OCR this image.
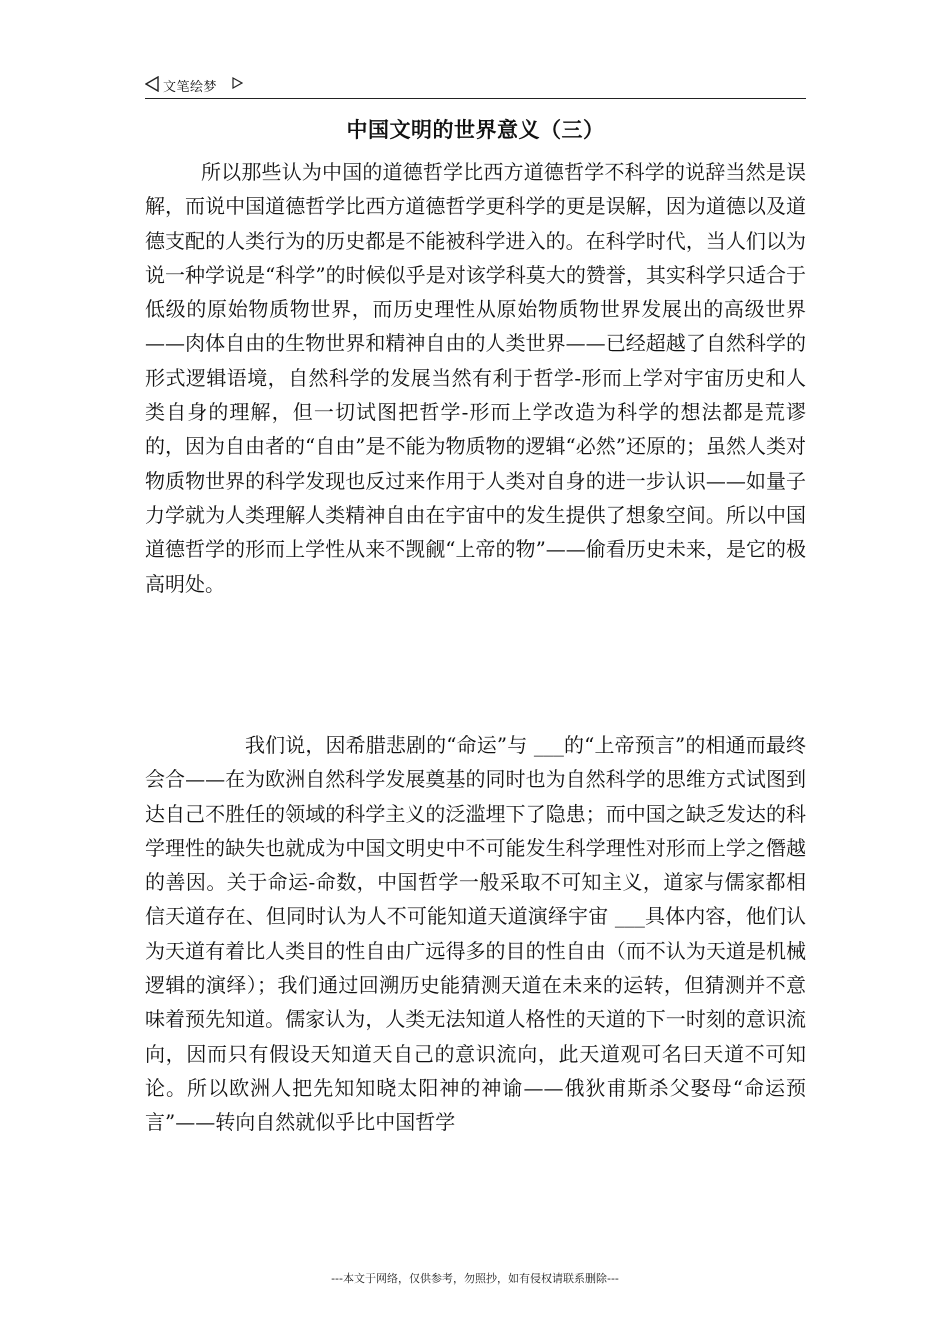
文笔绘梦
中国文明的世界意义（三）

所以那些认为中国的道德哲学比西方道德哲学不科学的说辞当然是误解，而说中国道德哲学比西方道德哲学更科学的更是误解，因为道德以及道德支配的人类行为的历史都是不能被科学进入的。在科学时代，当人们以为说一种学说是“科学”的时候似乎是对该学科莫大的赞誉，其实科学只适合于低级的原始物质物世界，而历史理性从原始物质物世界发展出的高级世界——肉体自由的生物世界和精神自由的人类世界——已经超越了自然科学的形式逻辑语境，自然科学的发展当然有利于哲学-形而上学对宇宙历史和人类自身的理解，但一切试图把哲学-形而上学改造为科学的想法都是荒谬的，因为自由者的“自由”是不能为物质物的逻辑“必然”还原的；虽然人类对物质物世界的科学发现也反过来作用于人类对自身的进一步认识——如量子力学就为人类理解人类精神自由在宇宙中的发生提供了想象空间。所以中国道德哲学的形而上学性从来不觊觎“上帝的物”——偷看历史未来，是它的极高明处。

我们说，因希腊悲剧的“命运”与 ___的“上帝预言”的相通而最终会合——在为欧洲自然科学发展奠基的同时也为自然科学的思维方式试图到达自己不胜任的领域的科学主义的泛滥埋下了隐患；而中国之缺乏发达的科学理性的缺失也就成为中国文明史中不可能发生科学理性对形而上学之僭越的善因。关于命运-命数，中国哲学一般采取不可知主义，道家与儒家都相信天道存在、但同时认为人不可能知道天道演绎宇宙 ___具体内容，他们认为天道有着比人类目的性自由广远得多的目的性自由（而不认为天道是机械逻辑的演绎）；我们通过回溯历史能猜测天道在未来的运转，但猜测并不意味着预先知道。儒家认为，人类无法知道人格性的天道的下一时刻的意识流向，因而只有假设天知道天自己的意识流向，此天道观可名曰天道不可知论。所以欧洲人把先知知晓太阳神的神谕——俄狄甫斯杀父娶母“命运预言”——转向自然就似乎比中国哲学

---本文于网络，仅供参考，勿照抄，如有侵权请联系删除---
